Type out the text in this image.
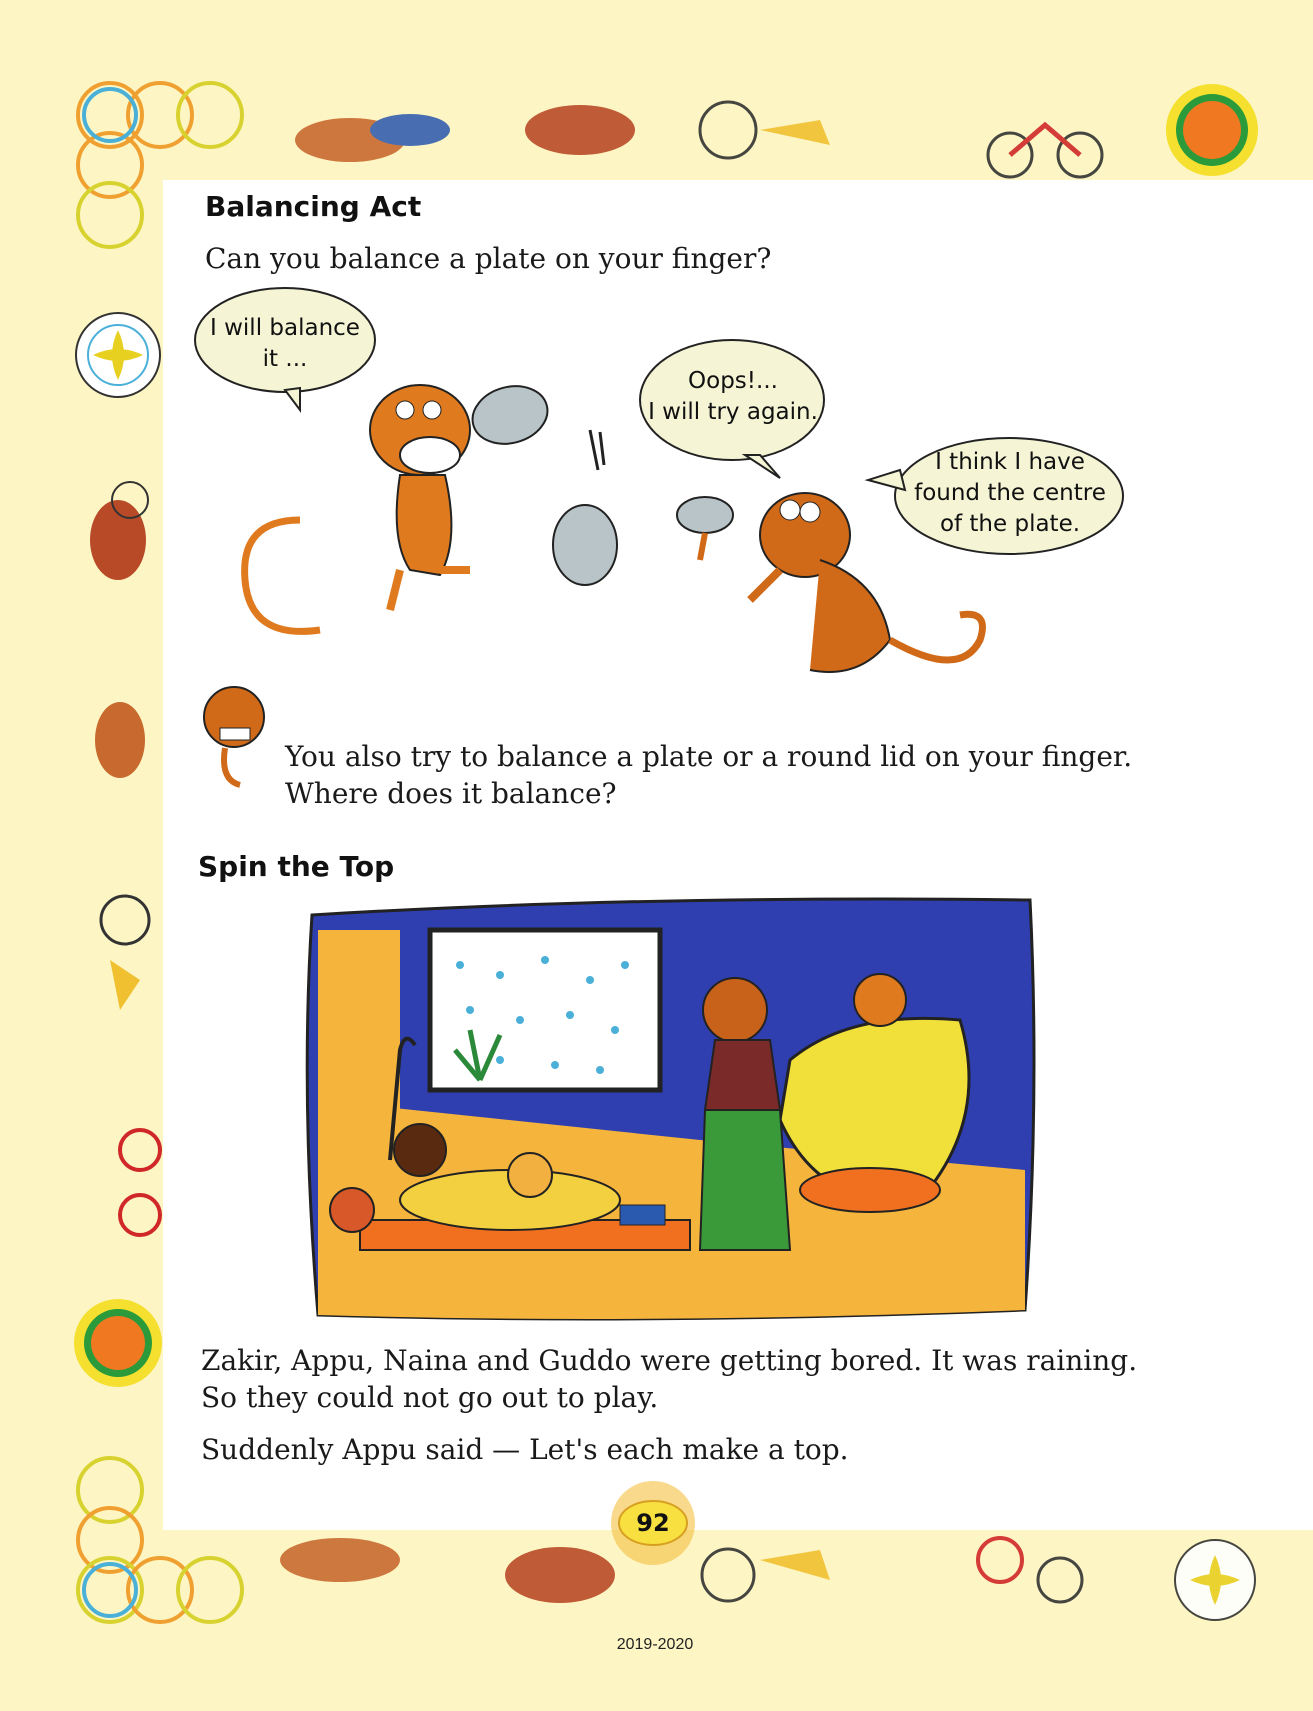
Balancing Act
Can you balance a plate on your finger?
I will balance
it ...
Oops!...
I will try again.
I think I have
found the centre
of the plate.
You also try to balance a plate or a round lid on your finger.
Where does it balance?
Spin the Top
Zakir, Appu, Naina and Guddo were getting bored. It was raining.
So they could not go out to play.
Suddenly Appu said — Let's each make a top.
92
2019-2020
